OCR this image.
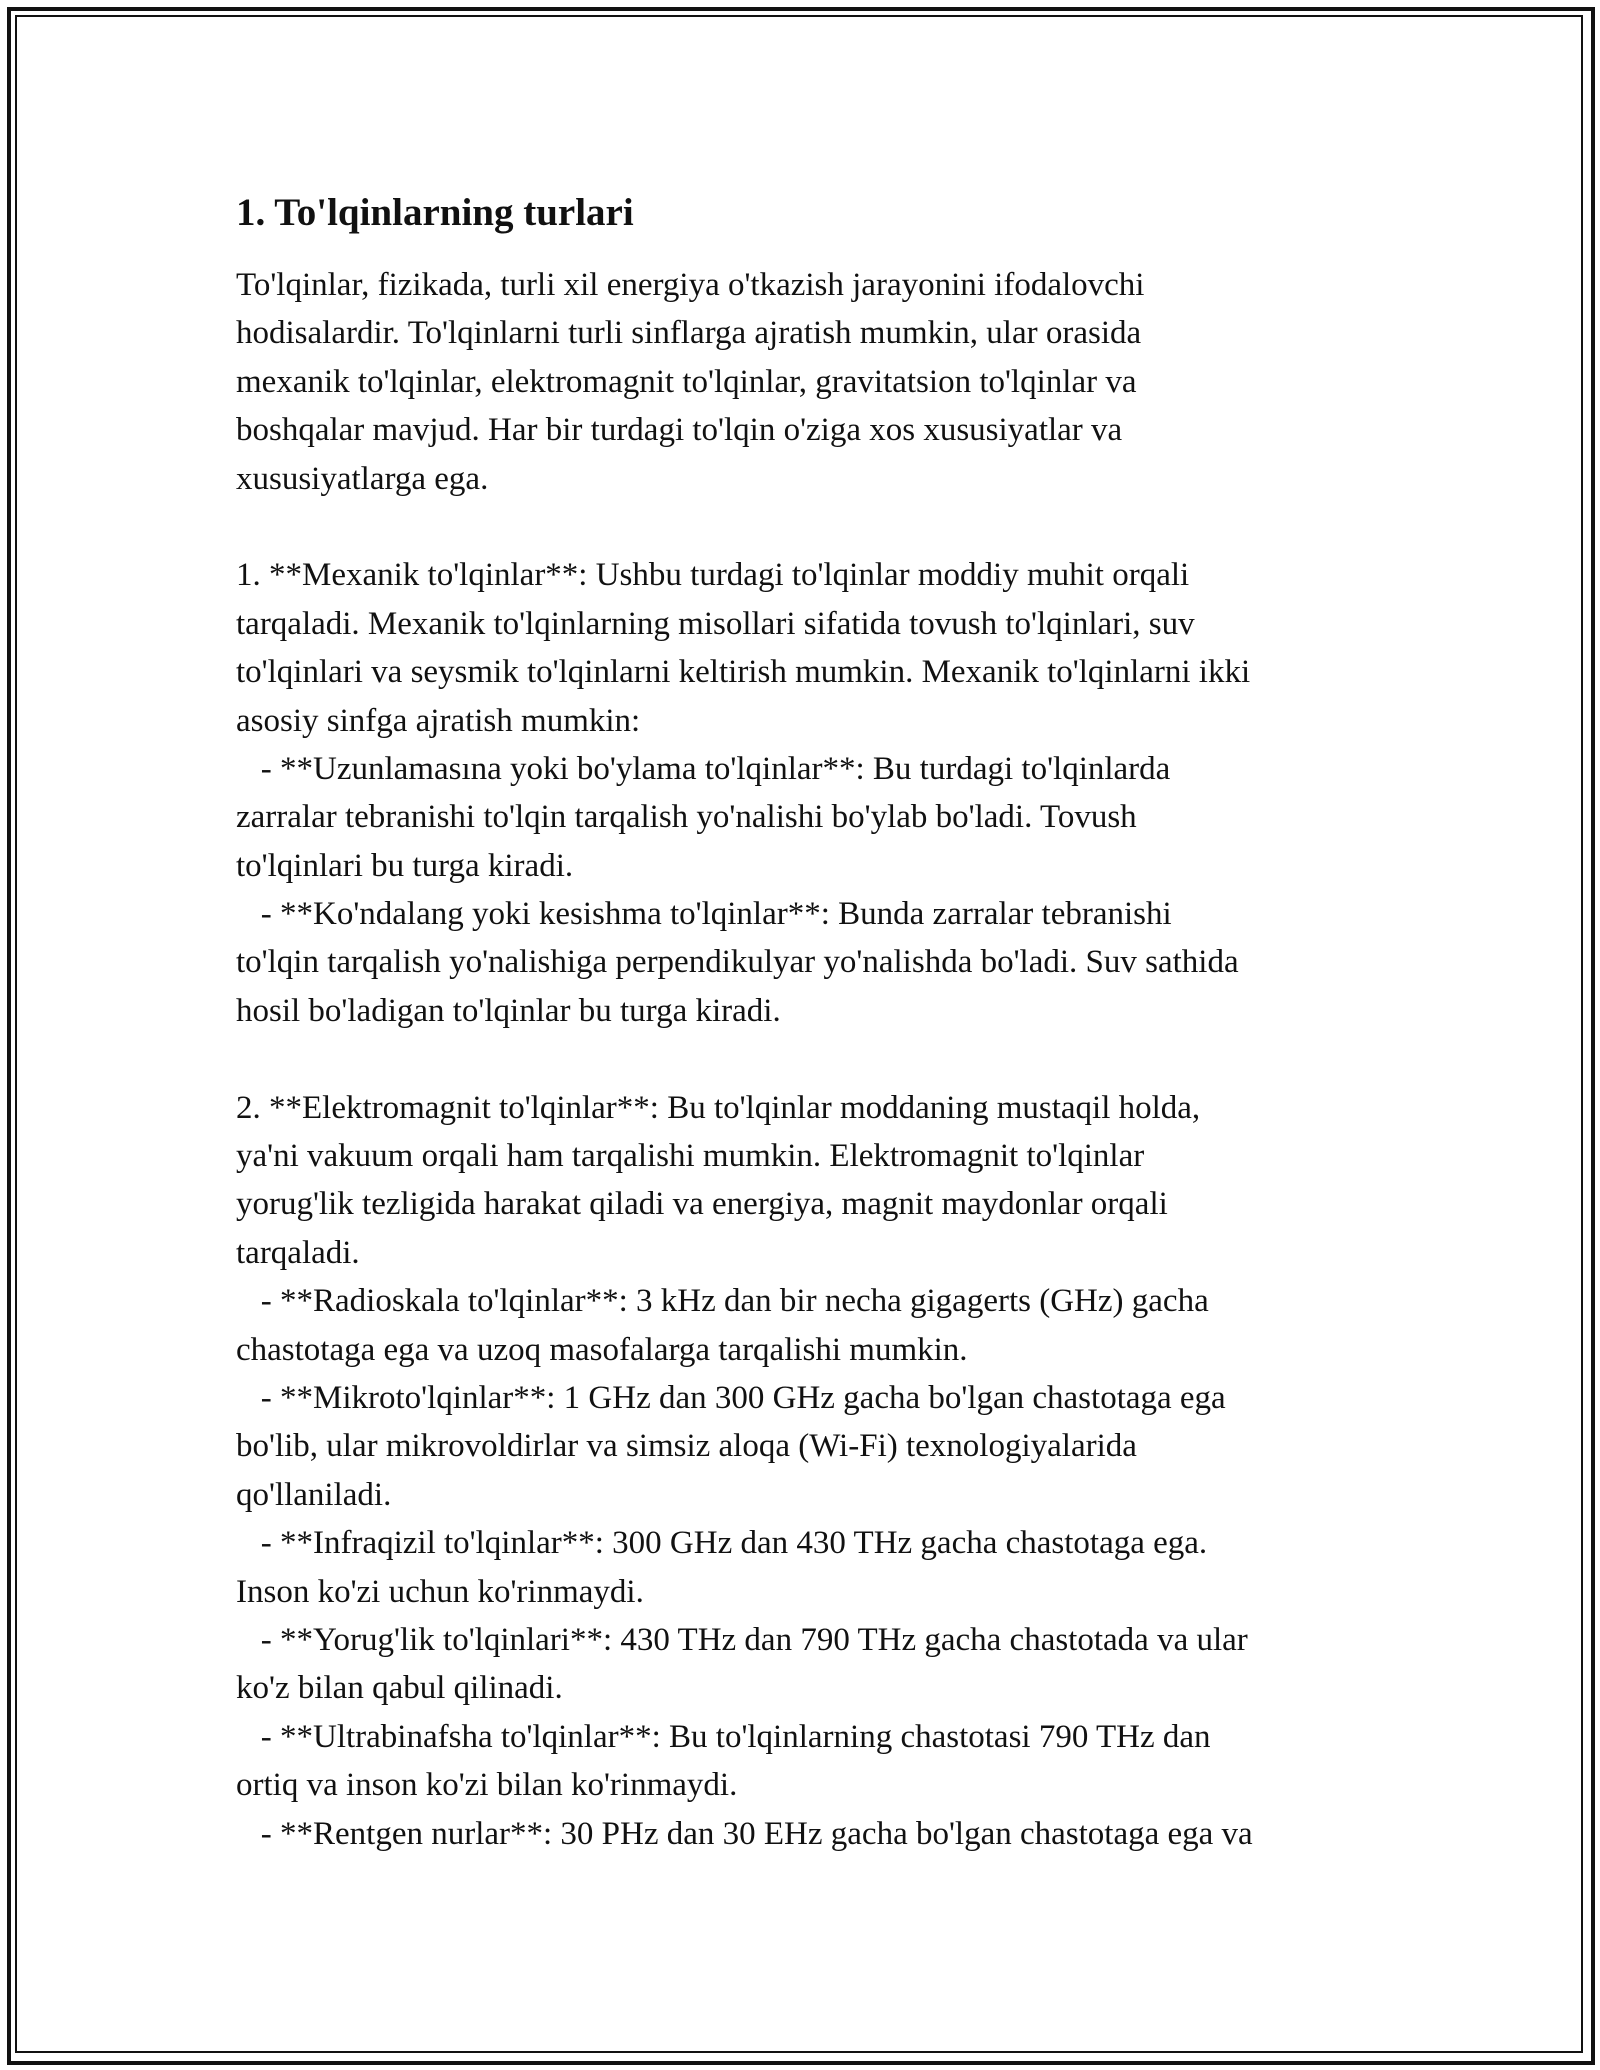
1. To'lqinlarning turlari
To'lqinlar, fizikada, turli xil energiya o'tkazish jarayonini ifodalovchi
hodisalardir. To'lqinlarni turli sinflarga ajratish mumkin, ular orasida
mexanik to'lqinlar, elektromagnit to'lqinlar, gravitatsion to'lqinlar va
boshqalar mavjud. Har bir turdagi to'lqin o'ziga xos xususiyatlar va
xususiyatlarga ega.
1. **Mexanik to'lqinlar**: Ushbu turdagi to'lqinlar moddiy muhit orqali
tarqaladi. Mexanik to'lqinlarning misollari sifatida tovush to'lqinlari, suv
to'lqinlari va seysmik to'lqinlarni keltirish mumkin. Mexanik to'lqinlarni ikki
asosiy sinfga ajratish mumkin:
- **Uzunlamasına yoki bo'ylama to'lqinlar**: Bu turdagi to'lqinlarda
zarralar tebranishi to'lqin tarqalish yo'nalishi bo'ylab bo'ladi. Tovush
to'lqinlari bu turga kiradi.
- **Ko'ndalang yoki kesishma to'lqinlar**: Bunda zarralar tebranishi
to'lqin tarqalish yo'nalishiga perpendikulyar yo'nalishda bo'ladi. Suv sathida
hosil bo'ladigan to'lqinlar bu turga kiradi.
2. **Elektromagnit to'lqinlar**: Bu to'lqinlar moddaning mustaqil holda,
ya'ni vakuum orqali ham tarqalishi mumkin. Elektromagnit to'lqinlar
yorug'lik tezligida harakat qiladi va energiya, magnit maydonlar orqali
tarqaladi.
- **Radioskala to'lqinlar**: 3 kHz dan bir necha gigagerts (GHz) gacha
chastotaga ega va uzoq masofalarga tarqalishi mumkin.
- **Mikroto'lqinlar**: 1 GHz dan 300 GHz gacha bo'lgan chastotaga ega
bo'lib, ular mikrovoldirlar va simsiz aloqa (Wi-Fi) texnologiyalarida
qo'llaniladi.
- **Infraqizil to'lqinlar**: 300 GHz dan 430 THz gacha chastotaga ega.
Inson ko'zi uchun ko'rinmaydi.
- **Yorug'lik to'lqinlari**: 430 THz dan 790 THz gacha chastotada va ular
ko'z bilan qabul qilinadi.
- **Ultrabinafsha to'lqinlar**: Bu to'lqinlarning chastotasi 790 THz dan
ortiq va inson ko'zi bilan ko'rinmaydi.
- **Rentgen nurlar**: 30 PHz dan 30 EHz gacha bo'lgan chastotaga ega va
